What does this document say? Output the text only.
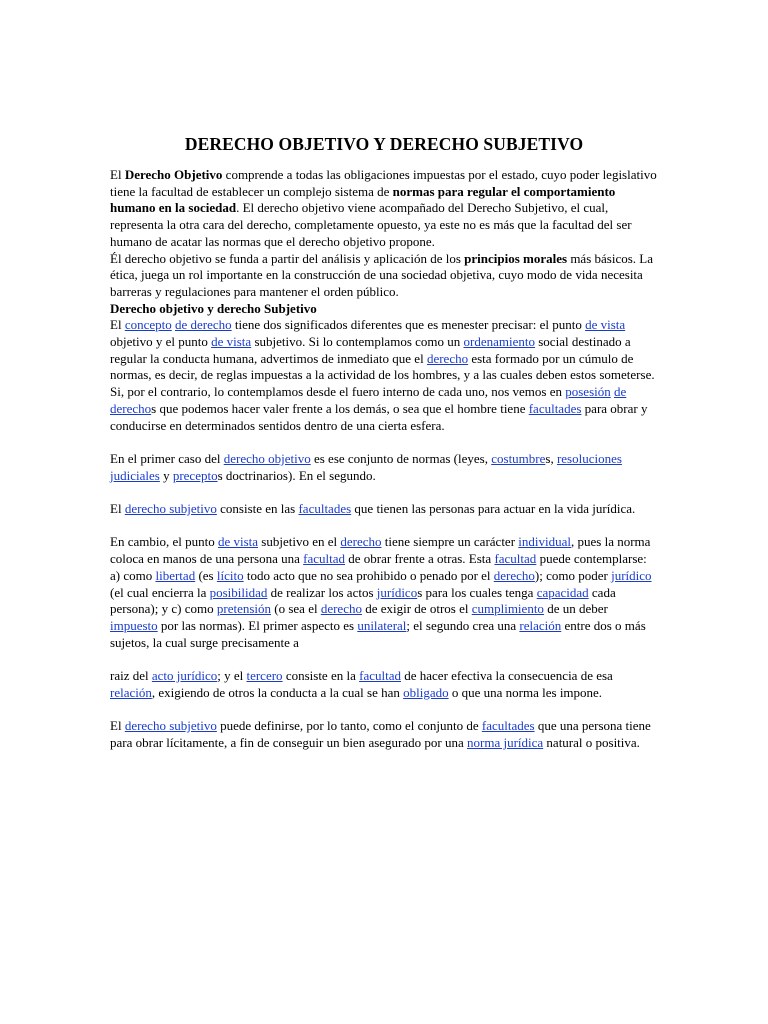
DERECHO OBJETIVO Y DERECHO SUBJETIVO

El Derecho Objetivo comprende a todas las obligaciones impuestas por el estado, cuyo poder legislativo tiene la facultad de establecer un complejo sistema de normas para regular el comportamiento humano en la sociedad. El derecho objetivo viene acompañado del Derecho Subjetivo, el cual, representa la otra cara del derecho, completamente opuesto, ya este no es más que la facultad del ser humano de acatar las normas que el derecho objetivo propone.

Él derecho objetivo se funda a partir del análisis y aplicación de los principios morales más básicos. La ética, juega un rol importante en la construcción de una sociedad objetiva, cuyo modo de vida necesita barreras y regulaciones para mantener el orden público.

Derecho objetivo y derecho Subjetivo

El concepto de derecho tiene dos significados diferentes que es menester precisar: el punto de vista objetivo y el punto de vista subjetivo. Si lo contemplamos como un ordenamiento social destinado a regular la conducta humana, advertimos de inmediato que el derecho esta formado por un cúmulo de normas, es decir, de reglas impuestas a la actividad de los hombres, y a las cuales deben estos someterse. Si, por el contrario, lo contemplamos desde el fuero interno de cada uno, nos vemos en posesión de derechos que podemos hacer valer frente a los demás, o sea que el hombre tiene facultades para obrar y conducirse en determinados sentidos dentro de una cierta esfera.

En el primer caso del derecho objetivo es ese conjunto de normas (leyes, costumbres, resoluciones judiciales y preceptos doctrinarios). En el segundo.

El derecho subjetivo consiste en las facultades que tienen las personas para actuar en la vida jurídica.

En cambio, el punto de vista subjetivo en el derecho tiene siempre un carácter individual, pues la norma coloca en manos de una persona una facultad de obrar frente a otras. Esta facultad puede contemplarse: a) como libertad (es lícito todo acto que no sea prohibido o penado por el derecho); como poder jurídico (el cual encierra la posibilidad de realizar los actos jurídicos para los cuales tenga capacidad cada persona); y c) como pretensión (o sea el derecho de exigir de otros el cumplimiento de un deber impuesto por las normas). El primer aspecto es unilateral; el segundo crea una relación entre dos o más sujetos, la cual surge precisamente a

raiz del acto jurídico; y el tercero consiste en la facultad de hacer efectiva la consecuencia de esa relación, exigiendo de otros la conducta a la cual se han obligado o que una norma les impone.

El derecho subjetivo puede definirse, por lo tanto, como el conjunto de facultades que una persona tiene para obrar lícitamente, a fin de conseguir un bien asegurado por una norma jurídica natural o positiva.
